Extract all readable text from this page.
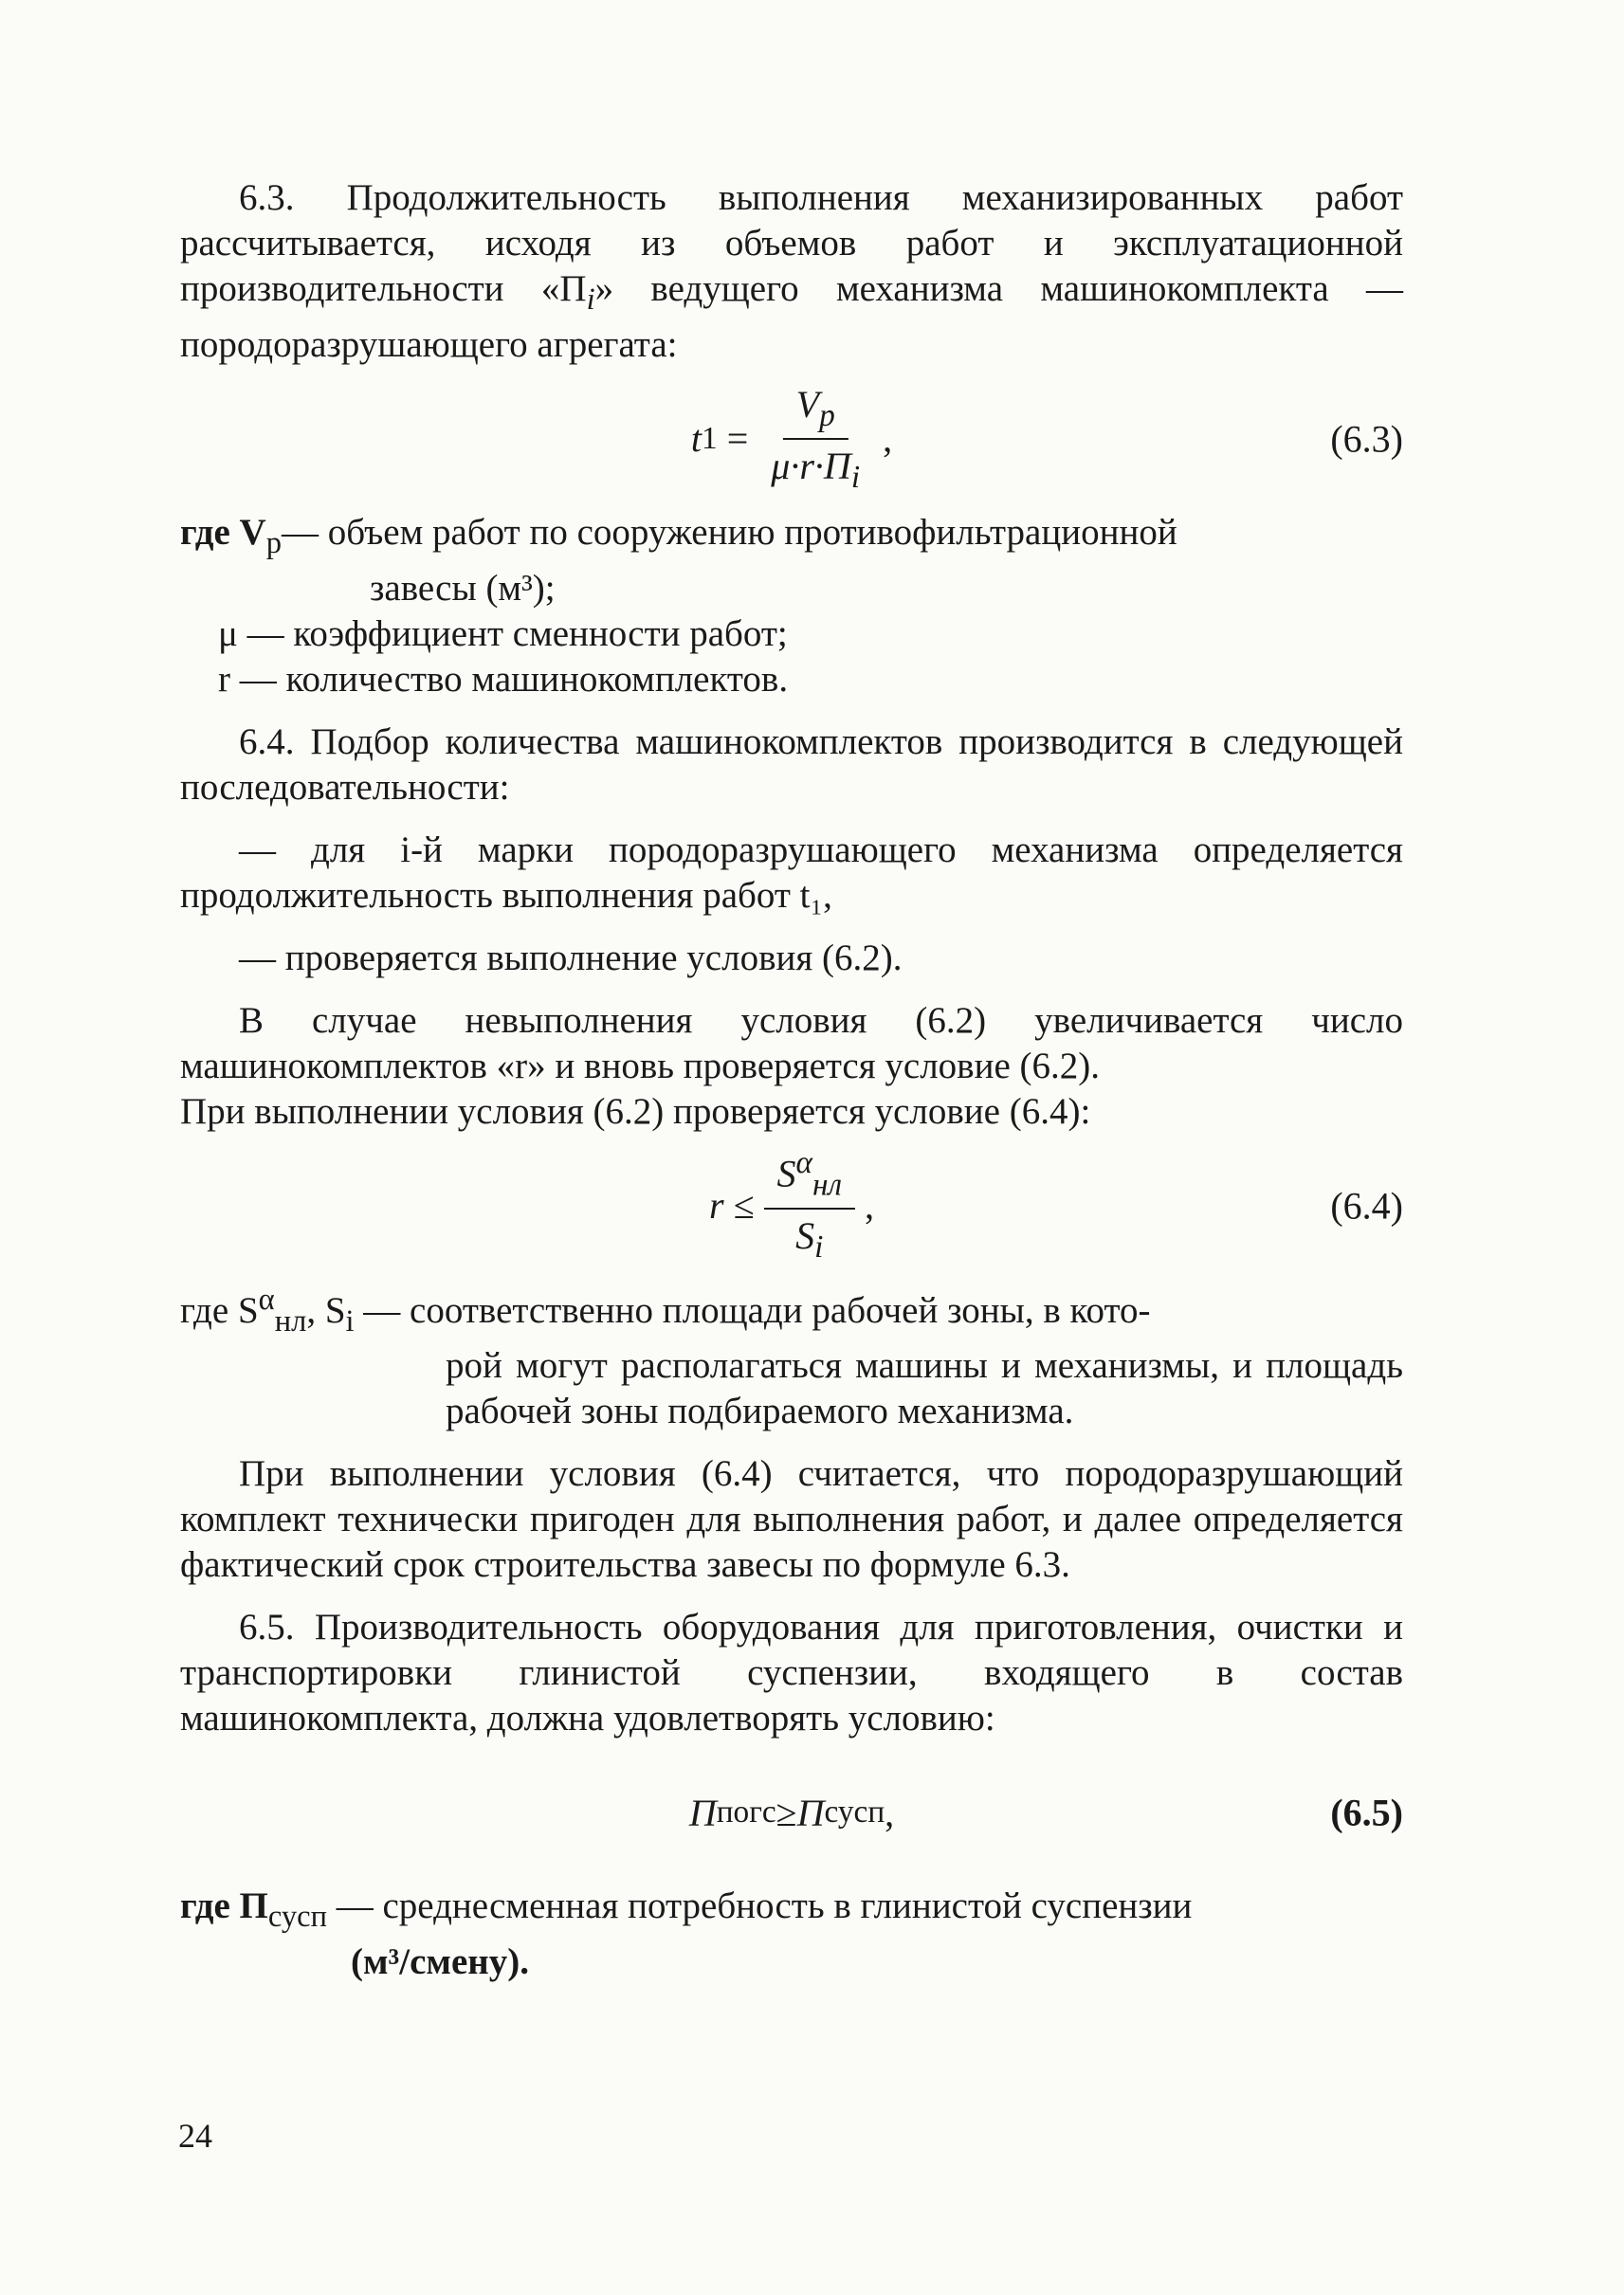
6.3. Продолжительность выполнения механизированных работ рассчитывается, исходя из объемов работ и эксплуатационной производительности «$П_i$» ведущего механизма машинокомплекта — породоразрушающего агрегата:

t $1 = \frac{V_р}{\mu\cdot r\cdot П_i}$ ,	(6.3)
где $V_р—$ объем работ по сооружению противофильтрационной
завесы (м³);
μ — коэффициент сменности работ;
r — количество машинокомплектов.

6.4. Подбор количества машинокомплектов производится в следующей последовательности:

— для i-й марки породоразрушающего механизма определяется продолжительность выполнения работ t₁,

— проверяется выполнение условия (6.2).

В случае невыполнения условия (6.2) увеличивается число машинокомплектов «r» и вновь проверяется условие (6.2).

При выполнении условия (6.2) проверяется условие (6.4):

$r \le \frac{S^\alpha_{нл}}{S_i}$ ,	(6.4)
где $S^\alpha_{нл}$, $S_i$ — соответственно площади рабочей зоны, в кото-
рой могут располагаться машины и механизмы, и площадь рабочей зоны подбираемого механизма.

При выполнении условия (6.4) считается, что породоразрушающий комплект технически пригоден для выполнения работ, и далее определяется фактический срок строительства завесы по формуле 6.3.

6.5. Производительность оборудования для приготовления, очистки и транспортировки глинистой суспензии, входящего в состав машинокомплекта, должна удовлетворять условию:

П погс ≥ П сусп ,	(6.5)
где $П_{сусп}$ — среднесменная потребность в глинистой суспензии
(м³/смену).
24
